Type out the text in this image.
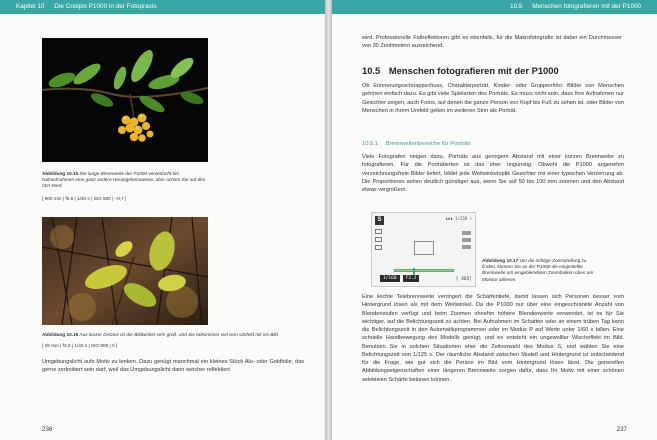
Kapitel 10 Die Coolpix P1000 in der Fotopraxis
Abbildung 10.15 Die lange Brennweite der P1000 vereinfacht bei Nahaufnahmen eine ganz andere Herangehensweise, aber achten Sie auf den ISO-Wert.
[ 900 mm | f5,6 | 1/40 s | ISO 800 | –0,7 ]
Abbildung 10.16 Aus kurzer Distanz ist der Bildwinkel sehr groß, und Sie bekommen viel vom Umfeld mit ins Bild.
[ 26 mm | f2,8 | 1/40 s | ISO 800 | 0 ]

Umgebungslicht aufs Motiv zu lenken. Dazu genügt manchmal ein kleines Stück Alu- oder Goldfolie, das gerne zerknittert sein darf, weil das Umgebungslicht dann weicher reflektiert

236
10.5 Menschen fotografieren mit der P1000

wird. Professionelle Faltreflektoren gibt es ebenfalls, für die Makrofotografie ist dabei ein Durchmesser von 30 Zentimetern ausreichend.

10.5 Menschen fotografieren mit der P1000

Ob Erinnerungsschnappschuss, Charakterporträt, Kinder- oder Gruppenfoto: Bilder von Menschen gehören einfach dazu. Es gibt viele Spielarten des Porträts. Es muss nicht sein, dass Ihre Aufnahmen nur Gesichter zeigen, auch Fotos, auf denen die ganze Person von Kopf bis Fuß zu sehen ist, oder Bilder von Menschen in ihrem Umfeld gelten im weiteren Sinn als Porträt.

10.5.1 Brennweitenbereiche für Porträts

Viele Fotografen neigen dazu, Porträts aus geringem Abstand mit einer kurzen Brennweite zu fotografieren. Für die Porträtierten ist das eher ungünstig. Obwohl die P1000 angenehm verzeichnungsfreie Bilder liefert, bildet jede Weitwinkeloptik Gesichter mit einer typischen Verzerrung ab. Die Proportionen sehen deutlich günstiger aus, wenn Sie auf 50 bis 100 mm zoomen und den Abstand etwas vergrößern.

Abbildung 10.17 Um die richtige Zoomstellung zu finden, können Sie an der P1000 die eingestellte Brennweite am eingeblendeten Zoombalken oben am Monitor ablesen.

Eine leichte Telebrennweite verringert die Schärfentiefe, damit lassen sich Personen besser vom Hintergrund lösen als mit dem Weitwinkel. Da die P1000 nur über eine eingeschränkte Anzahl von Blendenstufen verfügt und beim Zoomen ohnehin höhere Blendenwerte verwendet, ist es für Sie wichtiger, auf die Belichtungszeit zu achten. Bei Aufnahmen im Schatten oder an einem trüben Tag kann die Belichtungszeit in den Automatikprogrammen oder im Modus P auf Werte unter 1/60 s fallen. Eine schnelle Handbewegung des Modells genügt, und es entsteht ein ungewollter Wischeffekt im Bild. Benutzen Sie in solchen Situationen eher die Zeitvorwahl des Modus S, und wählen Sie eine Belichtungszeit von 1/125 s. Der räumliche Abstand zwischen Modell und Hintergrund ist entscheidend für die Frage, wie gut sich die Person im Bild vom Hintergrund lösen lässt. Die generellen Abbildungseigenschaften einer längeren Brennweite sorgen dafür, dass Ihr Motiv mit einer schönen selektiven Schärfe betonen können.

237
S	▮▮▮ 1/250 ☼
1/160	F3.2	[ 465]
